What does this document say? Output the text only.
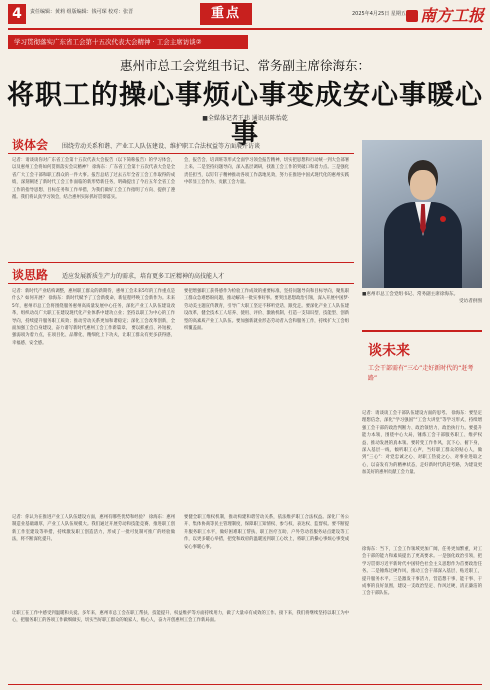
4	责任编辑：黄莉 组版编辑：钱可琛 校对：张晋	重点	2025年4月25日 星期五 南方工报
学习贯彻落实广东省工会第十五次代表大会精神 · 工会主席访谈②
惠州市总工会党组书记、常务副主席徐海东：
将职工的操心事烦心事变成安心事暖心事
■全媒体记者王玮 通讯员陈怡乾
谈体会 围绕劳动关系和谐、产业工人队伍建设、维护职工合法权益等方面展开访谈
记者：请谈谈你对广东省工会第十五次代表大会报告（以下简称报告）的学习体会，以及惠州工会将如何贯彻落实会议精神？ 徐海东：广东省工会第十五次代表大会是全省广大工会干部和职工群众的一件大事。报告总结了过去五年全省工会工作取得的成绩，深刻阐述了新时代工会工作面临的新形势新任务，明确提出了今后五年全省工会工作的指导思想、目标任务和工作举措，为我们做好工会工作指明了方向、提供了遵循。我们将认真学习领会，结合惠州实际抓好贯彻落实。
会，报告会、培训班等形式全面学习领会报告精神，切实把思想和行动统一到大会部署上来。二是坚持问题导向，深入基层调研，找准工会工作的突破口和着力点。三是强化责任担当，以钉钉子精神推动各项工作落地见效，努力在推进中国式现代化的惠州实践中彰显工会作为、贡献工会力量。
■惠州市总工会党组书记、常务副主席徐海东。
受访者供图
谈思路 适应发展新质生产力的需求，培育更多工匠精神的高技能人才
记者：新时代产业结构调整，惠州职工群众的新期待，惠州工会未来5年的工作重点是什么？如何开展？ 徐海东：新时代赋予了工会新使命，新征程呼唤工会新作为。未来5年，惠州市总工会将围绕服务惠州高质量发展中心任务，深化产业工人队伍建设改革，组织动员广大职工在建设现代化产业体系中建功立业；坚持以职工为中心的工作导向，持续提升服务职工质效；推动劳动关系更加和谐稳定；深化工会改革创新，全面加强工会自身建设，奋力谱写新时代惠州工会工作新篇章。 要以抓重点、补短板、强弱项为着力点，在项目化、品牌化、精细化上下功夫，让职工群众有更多获得感、幸福感、安全感。
要把增强职工获得感作为检验工作成效的重要标准，坚持问题导向和目标导向，聚焦职工群众急难愁盼问题，推动解决一批实事好事。要突出思想政治引领，深入开展中国梦·劳动美主题宣传教育，引导广大职工坚定不移听党话、跟党走。要深化产业工人队伍建设改革，健全技术工人培养、使用、评价、激励机制，打造一支知识型、技能型、创新型的高素质产业工人队伍。要加强新就业形态劳动者入会和服务工作，持续扩大工会组织覆盖面。
要健全职工维权机制，推动构建和谐劳动关系，依法维护职工合法权益。深化厂务公开、集体协商等民主管理制度，保障职工知情权、参与权、表达权、监督权。要不断提升服务职工水平，做好困难职工帮扶、职工医疗互助、户外劳动者服务站点建设等工作，以更多暖心举措，把党和政府的温暖送到职工心坎上，将职工的操心事烦心事变成安心事暖心事。
记者：你认为在推进产业工人队伍建设方面，惠州有哪些优势和经验？ 徐海东：惠州制造业基础雄厚，产业工人队伍规模大。我们通过开展劳动和技能竞赛、推进职工创新工作室建设等举措，持续激发职工创造活力，形成了一批可复制可推广的经验做法，将不断深化提升。
让职工在工作中感受到温暖和关爱。多年来，惠州市总工会在职工帮扶、技能提升、权益维护等方面持续用力，做了大量卓有成效的工作。接下来，我们将继续坚持以职工为中心，把服务职工的各项工作做细做实，切实当好职工群众的娘家人、贴心人，奋力开创惠州工会工作新局面。
谈未来
工会干部需有“三心”走好新时代的“赶考路”
记者：请谈谈工会干部队伍建设方面的思考。 徐海东：要坚定理想信念，深化“学习强国”“工会大讲堂”等学习形式，持续增强工会干部的政治判断力、政治领悟力、政治执行力。要提升能力本领，围绕中心大局，锤炼工会干部服务职工、维护权益、推动发展的真本领。要转变工作作风，沉下心、俯下身，深入基层一线，倾听职工心声，当好职工群众的贴心人，做到“三心”：对党忠诚之心、对职工热爱之心、对事业进取之心，以奋发有为的精神状态，走好新时代的赶考路，为建设更加美好的惠州贡献工会力量。
徐海东：当下，工会工作领域更加广阔，任务更加繁重，对工会干部的能力和素质提出了更高要求。一是强化政治引领，把学习贯彻习近平新时代中国特色社会主义思想作为首要政治任务。二是锤炼过硬作风，推动工会干部深入基层、贴近职工，提升服务水平。三是激发干事活力，营造想干事、能干事、干成事的良好氛围，建设一支政治坚定、作风过硬、清正廉洁的工会干部队伍。
